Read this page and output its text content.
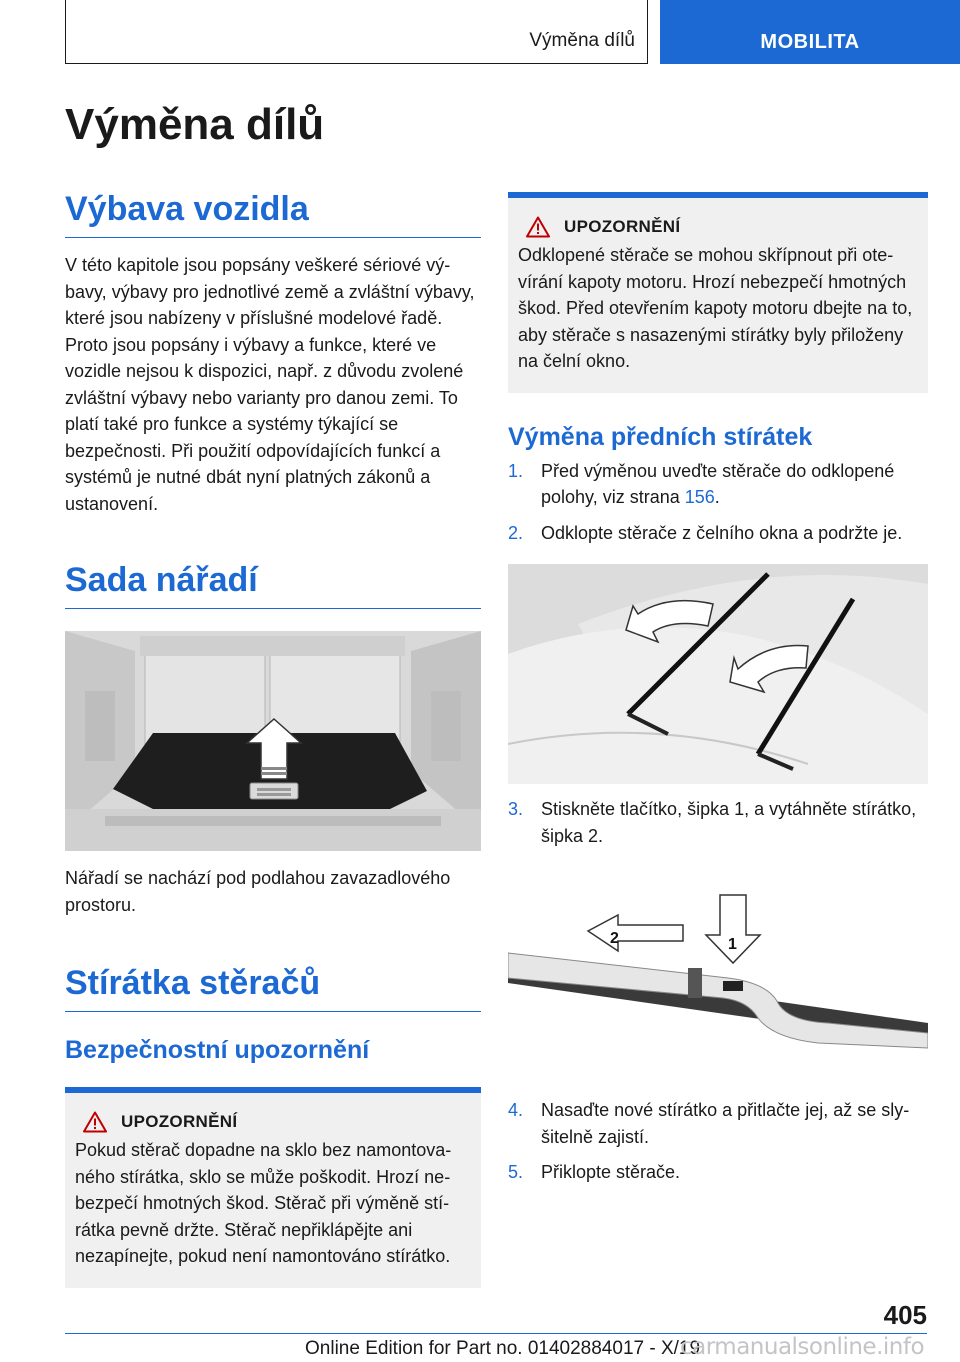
Výměna dílů	MOBILITA
Výměna dílů
Výbava vozidla

V této kapitole jsou popsány veškeré sériové výbavy, výbavy pro jednotlivé země a zvláštní výbavy, které jsou nabízeny v příslušné modelové řadě. Proto jsou popsány i výbavy a funkce, které ve vozidle nejsou k dispozici, např. z důvodu zvolené zvláštní výbavy nebo varianty pro danou zemi. To platí také pro funkce a systémy týkající se bezpečnosti. Při použití odpovídajících funkcí a systémů je nutné dbát nyní platných zákonů a ustanovení.

Sada nářadí

Nářadí se nachází pod podlahou zavazadlového prostoru.

Stírátka stěračů
Bezpečnostní upozornění
UPOZORNĚNÍ

Pokud stěrač dopadne na sklo bez namontovaného stírátka, sklo se může poškodit. Hrozí nebezpečí hmotných škod. Stěrač při výměně stírátka pevně držte. Stěrač nepřiklápějte ani nezapínejte, pokud není namontováno stírátko.

UPOZORNĚNÍ

Odklopené stěrače se mohou skřípnout při otevírání kapoty motoru. Hrozí nebezpečí hmotných škod. Před otevřením kapoty motoru dbejte na to, aby stěrače s nasazenými stírátky byly přiloženy na čelní okno.

Výměna předních stírátek
1. Před výměnou uveďte stěrače do odklopené polohy, viz strana 156.
2. Odklopte stěrače z čelního okna a podržte je.
3. Stiskněte tlačítko, šipka 1, a vytáhněte stírátko, šipka 2.
2	1
4. Nasaďte nové stírátko a přitlačte jej, až se slyšitelně zajistí.
5. Přiklopte stěrače.
405
Online Edition for Part no. 01402884017 - X/19
carmanualsonline.info
